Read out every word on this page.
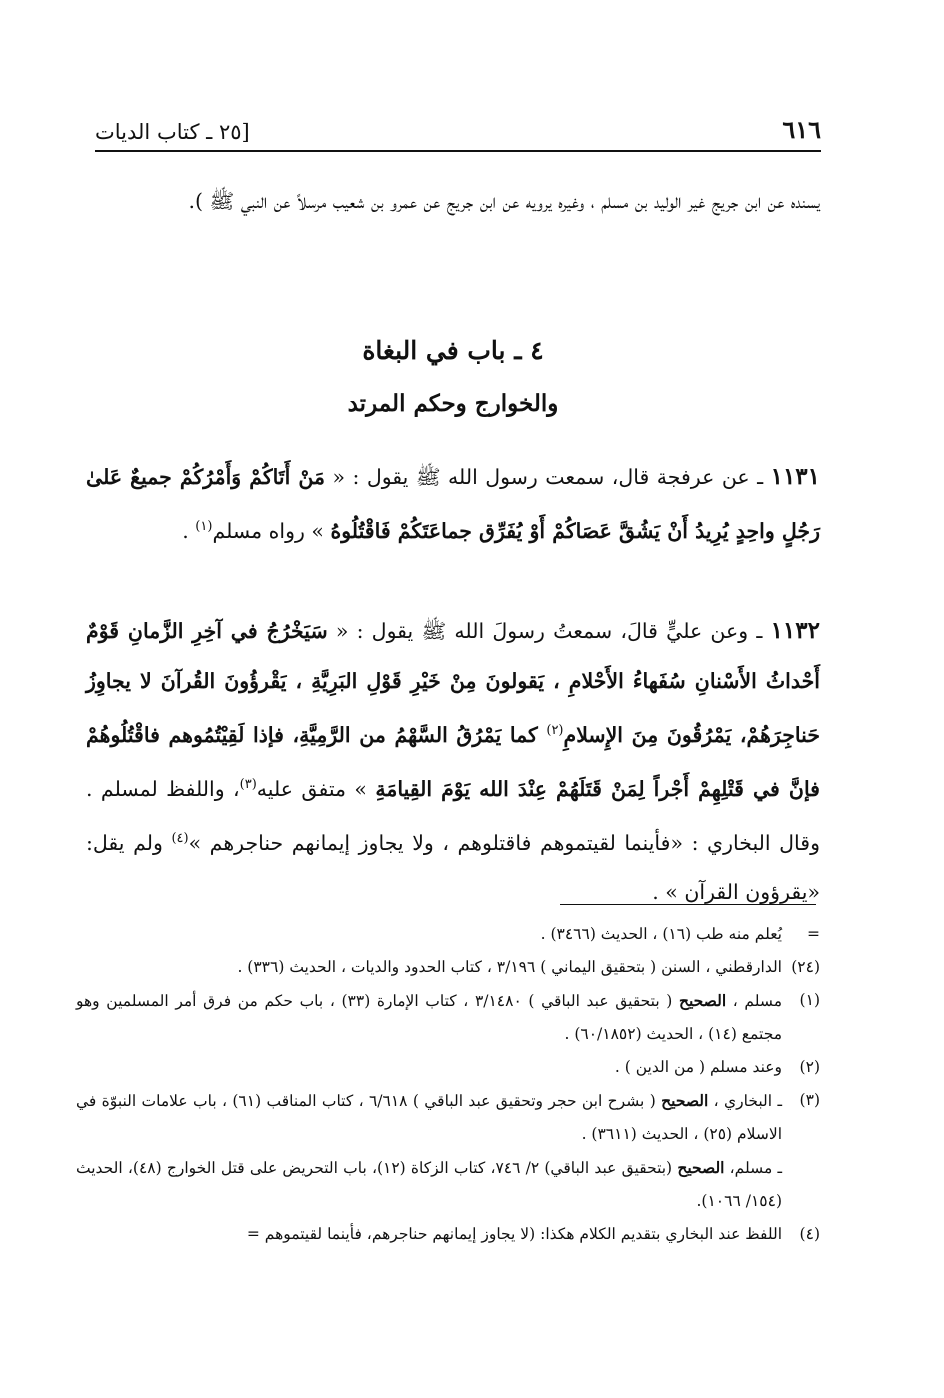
[٢٥ ـ كتاب الديات	٦١٦
يسنده عن ابن جريج غير الوليد بن مسلم ، وغيره يرويه عن ابن جريج عن عمرو بن شعيب مرسلاً عن النبي ﷺ ).
٤ ـ باب في البغاة
والخوارج وحكم المرتد
١١٣١ ـ عن عرفجة قال، سمعت رسول الله ﷺ يقول : « مَنْ أَتَاكُمْ وَأَمْرُكُمْ جميعٌ عَلىٰ رَجُلٍ واحِدٍ يُرِيدُ أَنْ يَشُقَّ عَصَاكُمْ أَوْ يُفَرِّق جماعَتَكُمْ فَاقْتُلُوهُ » رواه مسلم$^{(١)}$ .
١١٣٢ ـ وعن عليٍّ قالَ، سمعتُ رسولَ الله ﷺ يقول : « سَيَخْرُجُ في آخِرِ الزَّمانِ قَوْمٌ أَحْداثُ الأَسْنانِ سُفَهاءُ الأَحْلامِ ، يَقولونَ مِنْ خَيْرِ قَوْلِ البَرِيَّةِ ، يَقْرؤُونَ القُرآنَ لا يجاوِزُ حَناجِرَهُمْ، يَمْرُقُونَ مِنَ الإِسلامِ$^{(٢)}$ كما يَمْرُقُ السَّهْمُ من الرَّمِيَّةِ، فإذا لَقِيْتُمُوهم فاقْتُلُوهُمْ فإنَّ في قَتْلِهِمْ أَجْراً لِمَنْ قَتَلَهُمْ عِنْدَ الله يَوْمَ القِيامَةِ » متفق عليه$^{(٣)}$، واللفظ لمسلم . وقال البخاري : «فأينما لقيتموهم فاقتلوهم ، ولا يجاوز إيمانهم حناجرهم »$^{(٤)}$ ولم يقل: «يقرؤون القرآن » .
=
يُعلم منه طب (١٦) ، الحديث (٣٤٦٦) .
(٢٤)
الدارقطني ، السنن ( بتحقيق اليماني ) ٣/١٩٦ ، كتاب الحدود والديات ، الحديث (٣٣٦) .
(١)
مسلم ، الصحيح ( بتحقيق عبد الباقي ) ٣/١٤٨٠ ، كتاب الإمارة (٣٣) ، باب حكم من فرق أمر المسلمين وهو مجتمع (١٤) ، الحديث (٦٠/١٨٥٢) .
(٢)
وعند مسلم ( من الدين ) .
(٣)
ـ البخاري ، الصحيح ( بشرح ابن حجر وتحقيق عبد الباقي ) ٦/٦١٨ ، كتاب المناقب (٦١) ، باب علامات النبوّة في الاسلام (٢٥) ، الحديث (٣٦١١) .
ـ مسلم، الصحيح (بتحقيق عبد الباقي) ٢/ ٧٤٦، كتاب الزكاة (١٢)، باب التحريض على قتل الخوارج (٤٨)، الحديث (١٥٤/ ١٠٦٦).
(٤)
اللفظ عند البخاري بتقديم الكلام هكذا: (لا يجاوز إيمانهم حناجرهم، فأينما لقيتموهم =
